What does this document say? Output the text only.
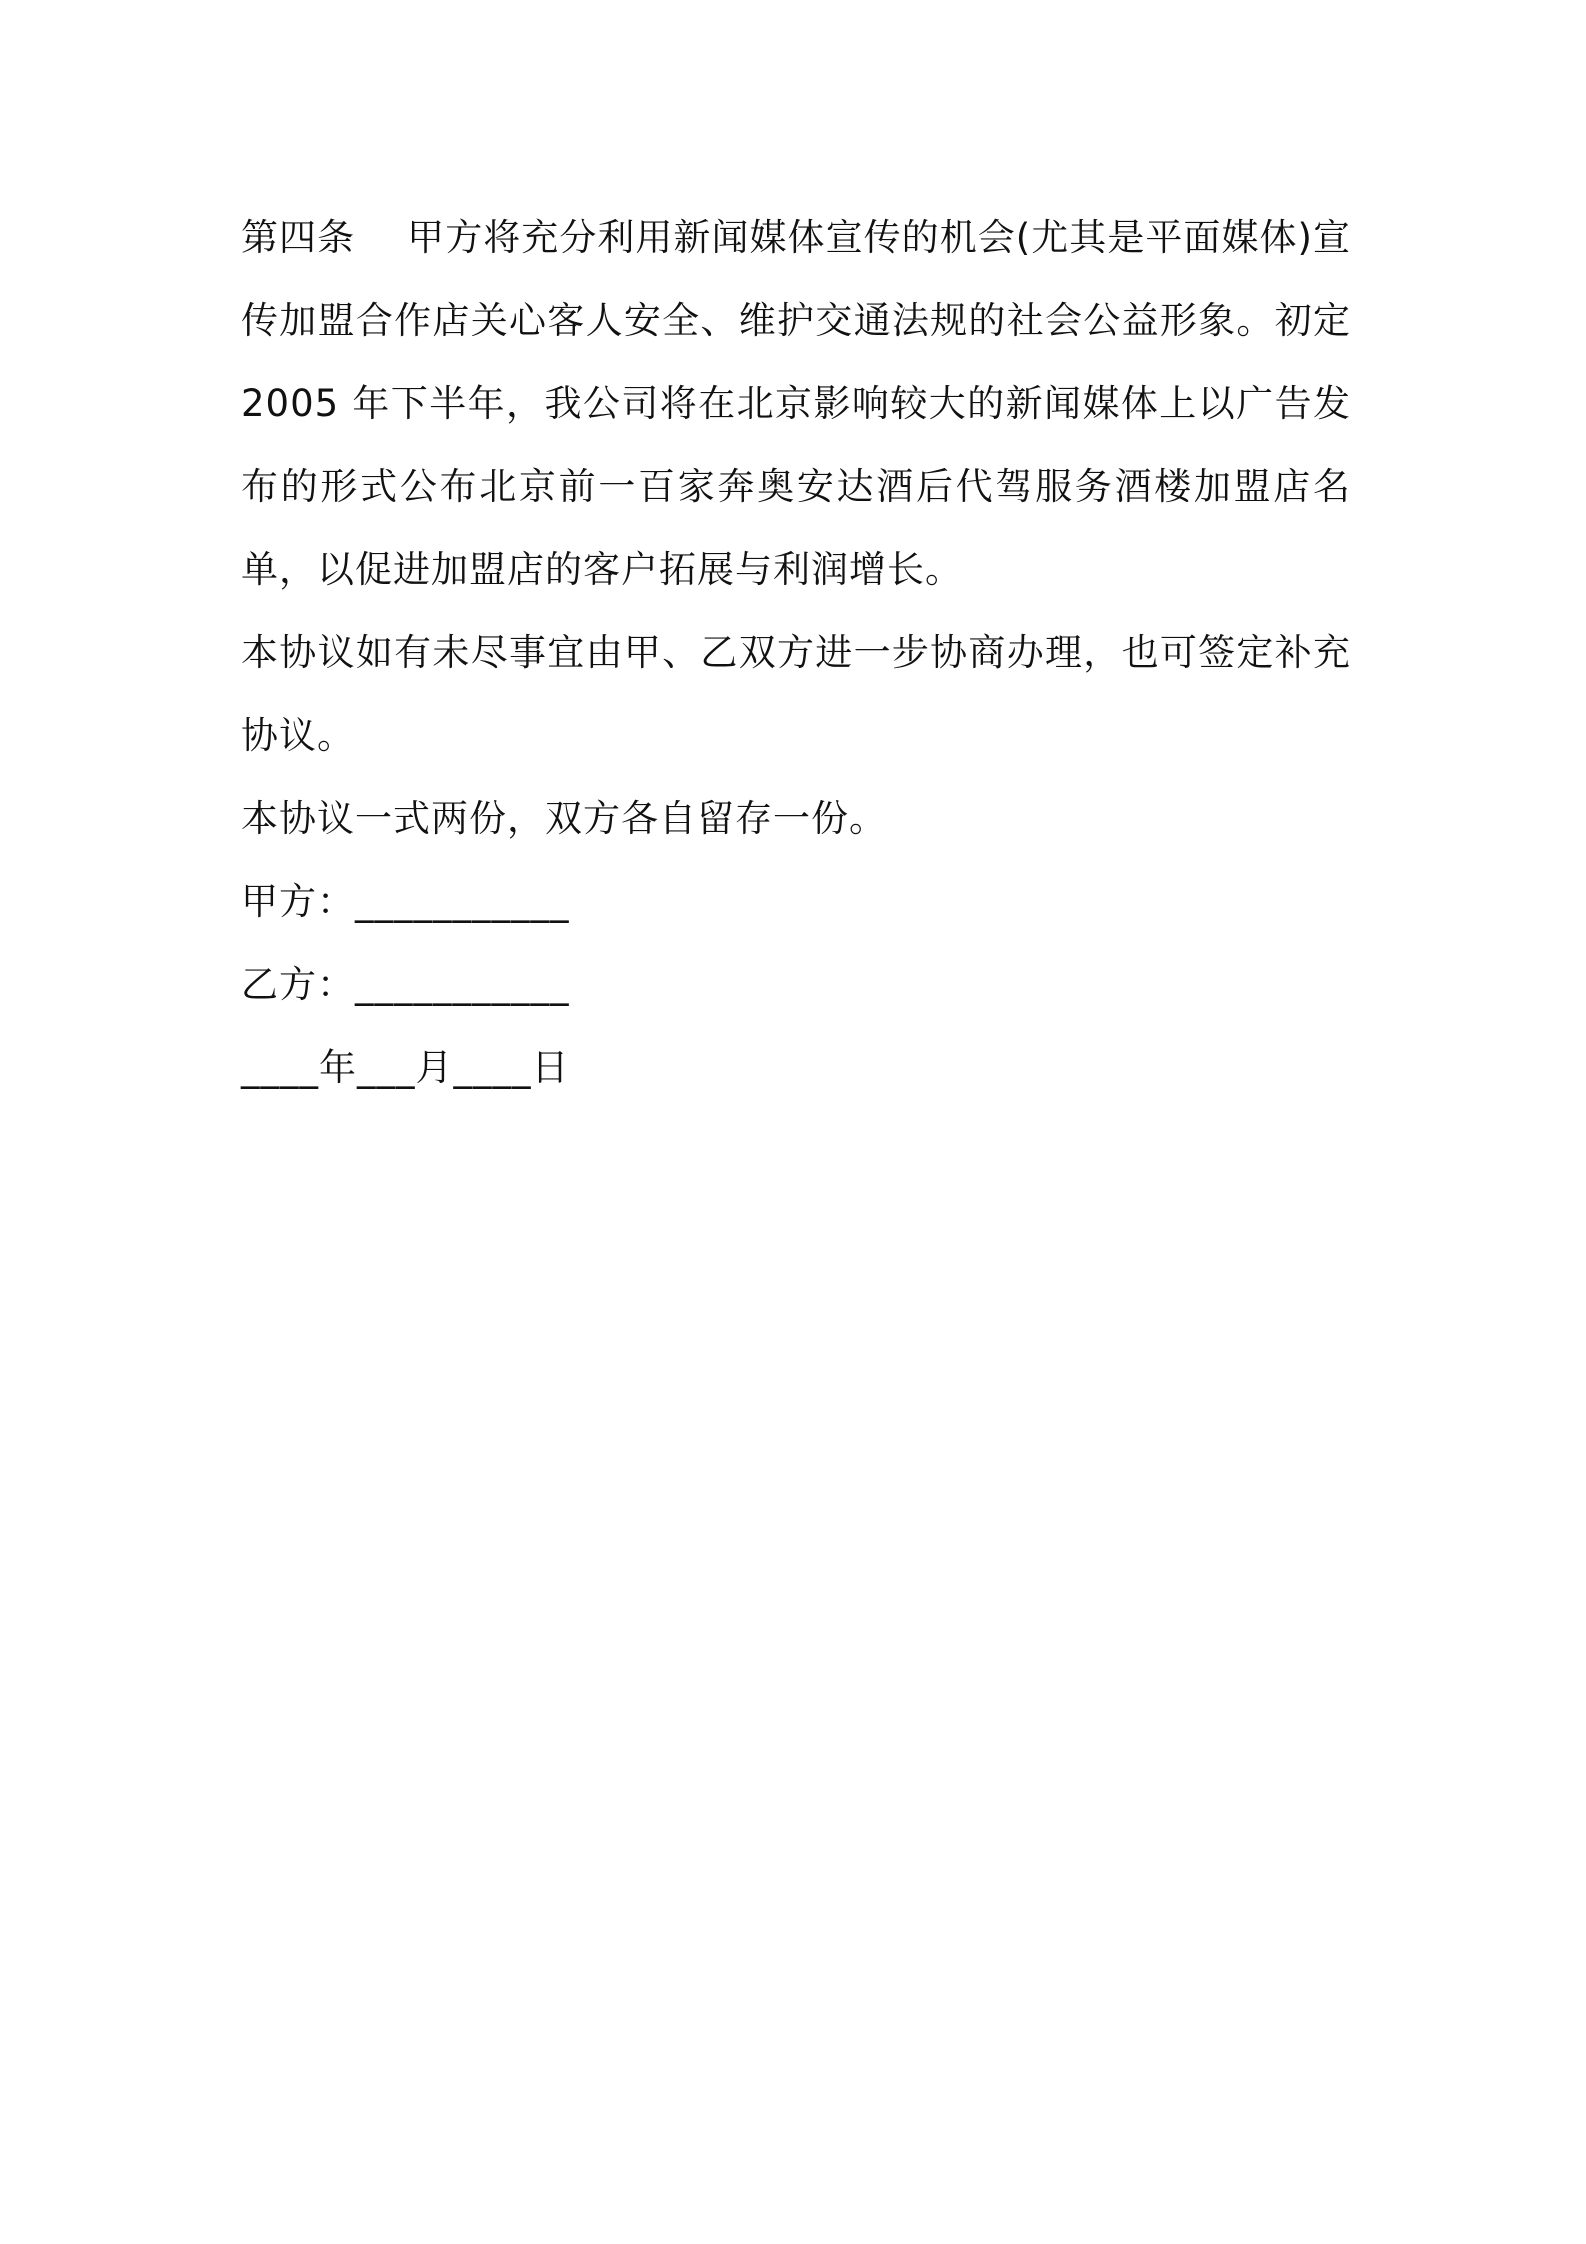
第四条 甲方将充分利用新闻媒体宣传的机会(尤其是平面媒体)宣传加盟合作店关心客人安全、维护交通法规的社会公益形象。初定 2005 年下半年，我公司将在北京影响较大的新闻媒体上以广告发布的形式公布北京前一百家奔奥安达酒后代驾服务酒楼加盟店名单，以促进加盟店的客户拓展与利润增长。

本协议如有未尽事宜由甲、乙双方进一步协商办理，也可签定补充协议。

本协议一式两份，双方各自留存一份。

甲方：___________

乙方：___________

____年___月____日
